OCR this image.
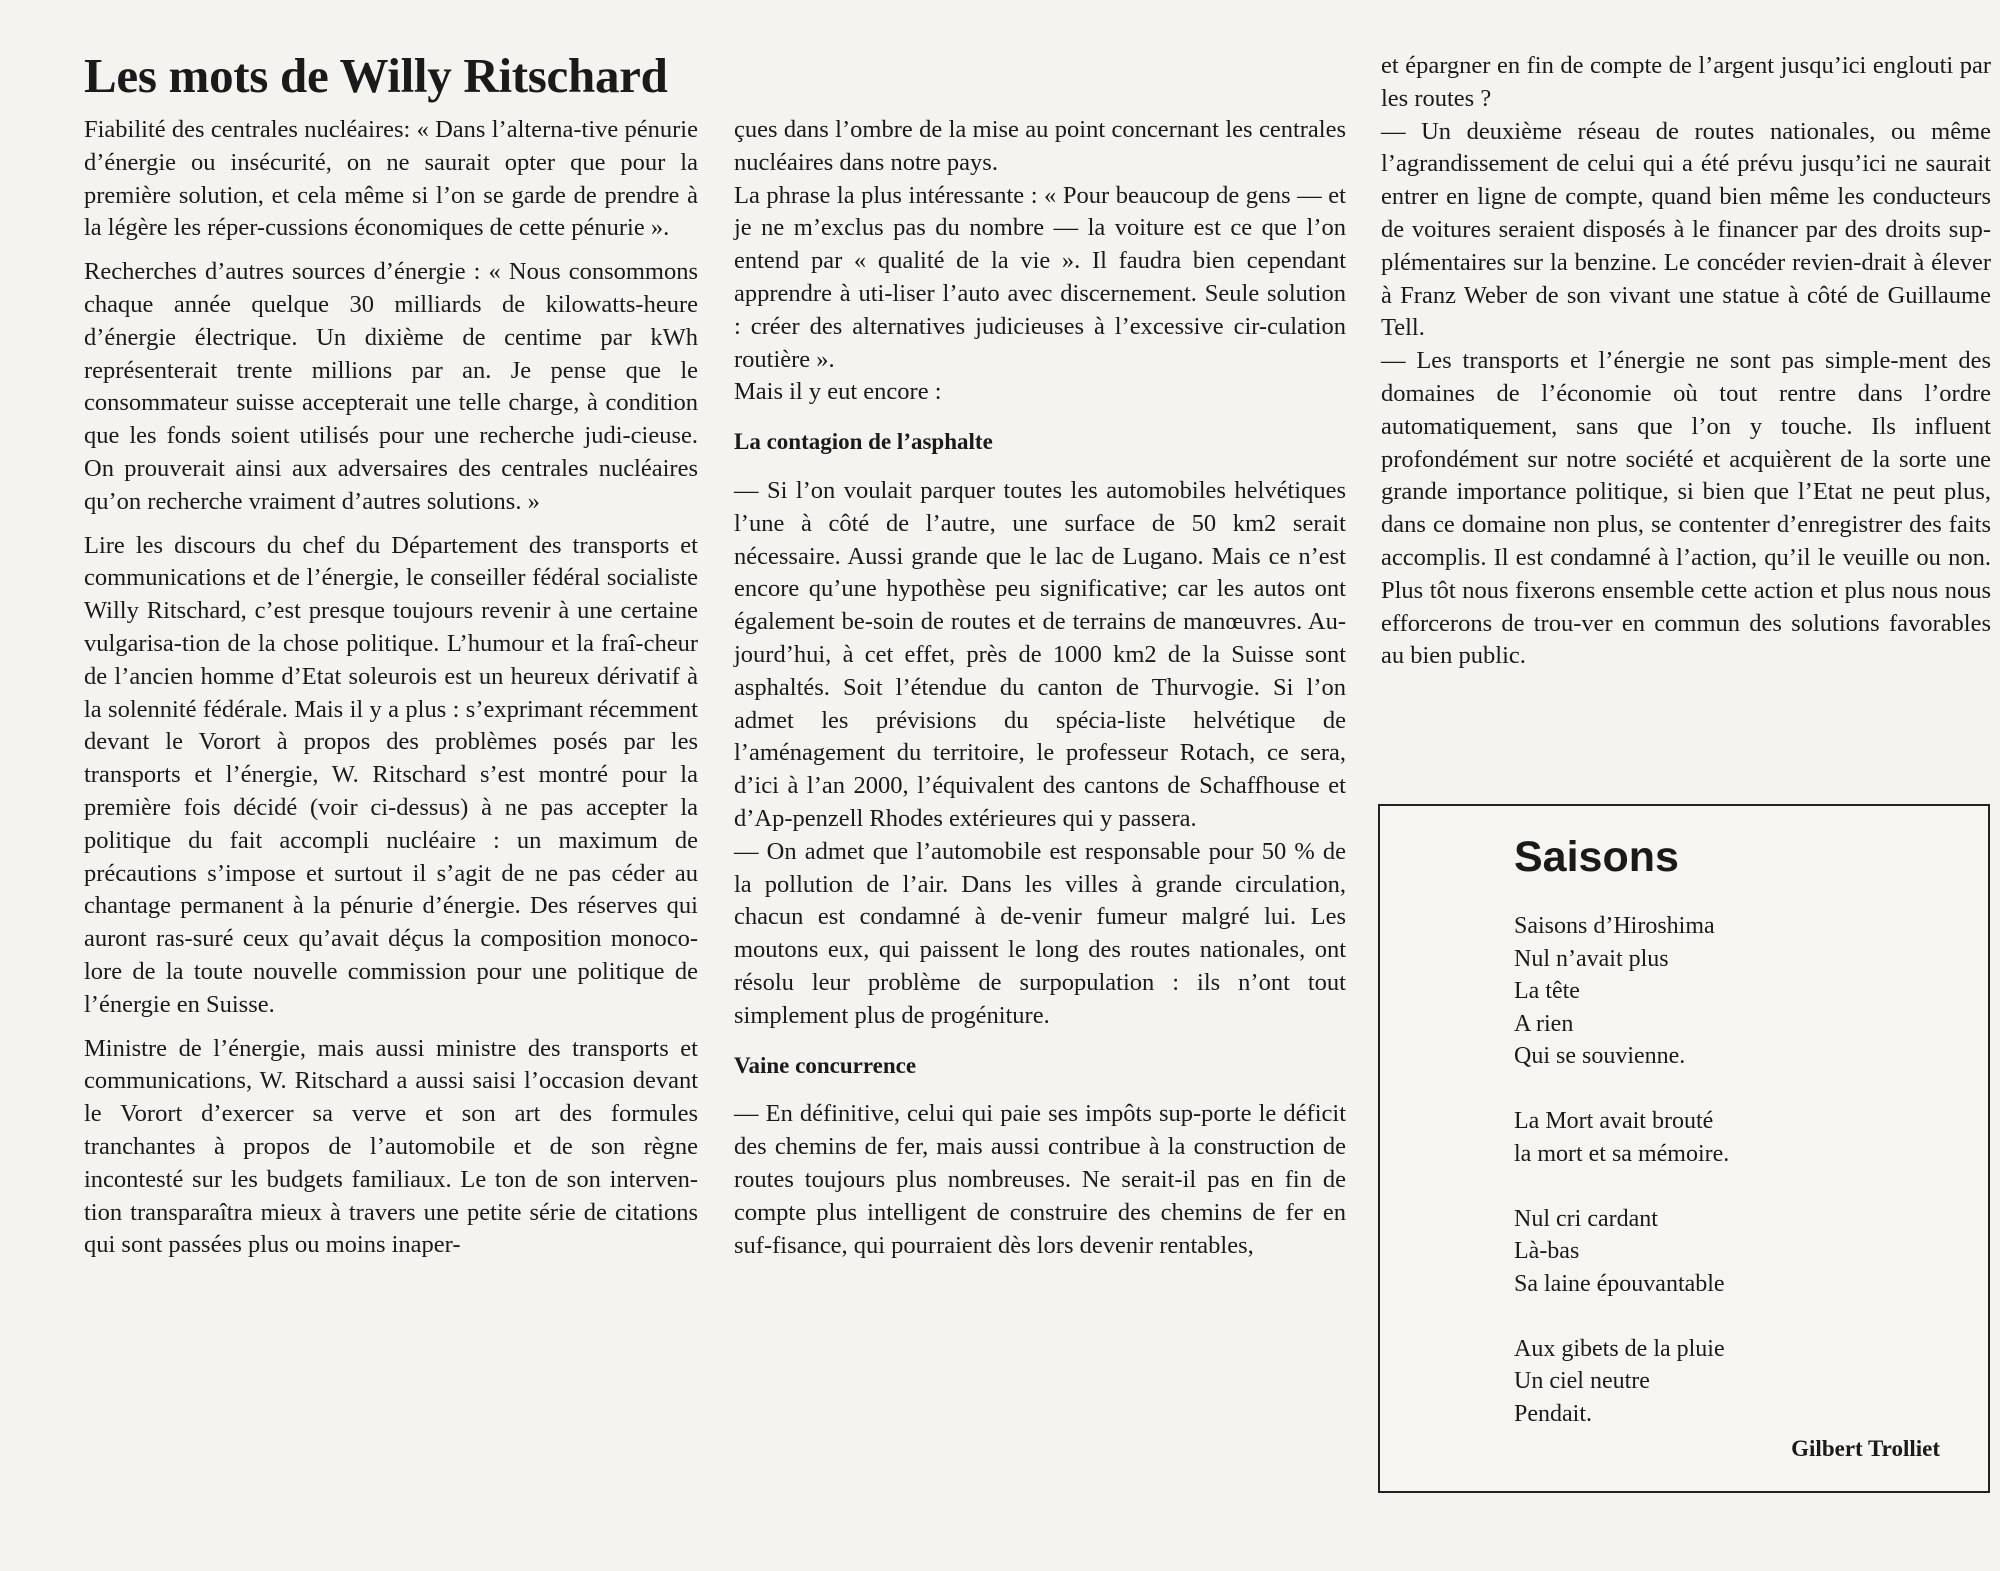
Les mots de Willy Ritschard

Fiabilité des centrales nucléaires: « Dans l’alterna-tive pénurie d’énergie ou insécurité, on ne saurait opter que pour la première solution, et cela même si l’on se garde de prendre à la légère les réper-cussions économiques de cette pénurie ».

Recherches d’autres sources d’énergie : « Nous consommons chaque année quelque 30 milliards de kilowatts-heure d’énergie électrique. Un dixième de centime par kWh représenterait trente millions par an. Je pense que le consommateur suisse accepterait une telle charge, à condition que les fonds soient utilisés pour une recherche judi-cieuse. On prouverait ainsi aux adversaires des centrales nucléaires qu’on recherche vraiment d’autres solutions. »

Lire les discours du chef du Département des transports et communications et de l’énergie, le conseiller fédéral socialiste Willy Ritschard, c’est presque toujours revenir à une certaine vulgarisa-tion de la chose politique. L’humour et la fraî-cheur de l’ancien homme d’Etat soleurois est un heureux dérivatif à la solennité fédérale. Mais il y a plus : s’exprimant récemment devant le Vorort à propos des problèmes posés par les transports et l’énergie, W. Ritschard s’est montré pour la première fois décidé (voir ci-dessus) à ne pas accepter la politique du fait accompli nucléaire : un maximum de précautions s’impose et surtout il s’agit de ne pas céder au chantage permanent à la pénurie d’énergie. Des réserves qui auront ras-suré ceux qu’avait déçus la composition monoco-lore de la toute nouvelle commission pour une politique de l’énergie en Suisse.

Ministre de l’énergie, mais aussi ministre des transports et communications, W. Ritschard a aussi saisi l’occasion devant le Vorort d’exercer sa verve et son art des formules tranchantes à propos de l’automobile et de son règne incontesté sur les budgets familiaux. Le ton de son interven-tion transparaîtra mieux à travers une petite série de citations qui sont passées plus ou moins inaper-

çues dans l’ombre de la mise au point concernant les centrales nucléaires dans notre pays.

La phrase la plus intéressante : « Pour beaucoup de gens — et je ne m’exclus pas du nombre — la voiture est ce que l’on entend par « qualité de la vie ». Il faudra bien cependant apprendre à uti-liser l’auto avec discernement. Seule solution : créer des alternatives judicieuses à l’excessive cir-culation routière ».

Mais il y eut encore :

La contagion de l’asphalte

— Si l’on voulait parquer toutes les automobiles helvétiques l’une à côté de l’autre, une surface de 50 km2 serait nécessaire. Aussi grande que le lac de Lugano. Mais ce n’est encore qu’une hypothèse peu significative; car les autos ont également be-soin de routes et de terrains de manœuvres. Au-jourd’hui, à cet effet, près de 1000 km2 de la Suisse sont asphaltés. Soit l’étendue du canton de Thurvogie. Si l’on admet les prévisions du spécia-liste helvétique de l’aménagement du territoire, le professeur Rotach, ce sera, d’ici à l’an 2000, l’équivalent des cantons de Schaffhouse et d’Ap-penzell Rhodes extérieures qui y passera.

— On admet que l’automobile est responsable pour 50 % de la pollution de l’air. Dans les villes à grande circulation, chacun est condamné à de-venir fumeur malgré lui. Les moutons eux, qui paissent le long des routes nationales, ont résolu leur problème de surpopulation : ils n’ont tout simplement plus de progéniture.

Vaine concurrence

— En définitive, celui qui paie ses impôts sup-porte le déficit des chemins de fer, mais aussi contribue à la construction de routes toujours plus nombreuses. Ne serait-il pas en fin de compte plus intelligent de construire des chemins de fer en suf-fisance, qui pourraient dès lors devenir rentables,

et épargner en fin de compte de l’argent jusqu’ici englouti par les routes ?

— Un deuxième réseau de routes nationales, ou même l’agrandissement de celui qui a été prévu jusqu’ici ne saurait entrer en ligne de compte, quand bien même les conducteurs de voitures seraient disposés à le financer par des droits sup-plémentaires sur la benzine. Le concéder revien-drait à élever à Franz Weber de son vivant une statue à côté de Guillaume Tell.

— Les transports et l’énergie ne sont pas simple-ment des domaines de l’économie où tout rentre dans l’ordre automatiquement, sans que l’on y touche. Ils influent profondément sur notre société et acquièrent de la sorte une grande importance politique, si bien que l’Etat ne peut plus, dans ce domaine non plus, se contenter d’enregistrer des faits accomplis. Il est condamné à l’action, qu’il le veuille ou non. Plus tôt nous fixerons ensemble cette action et plus nous nous efforcerons de trou-ver en commun des solutions favorables au bien public.

Saisons
Saisons d’Hiroshima
Nul n’avait plus
La tête
A rien
Qui se souvienne.
La Mort avait brouté
la mort et sa mémoire.
Nul cri cardant
Là-bas
Sa laine épouvantable
Aux gibets de la pluie
Un ciel neutre
Pendait.
Gilbert Trolliet
